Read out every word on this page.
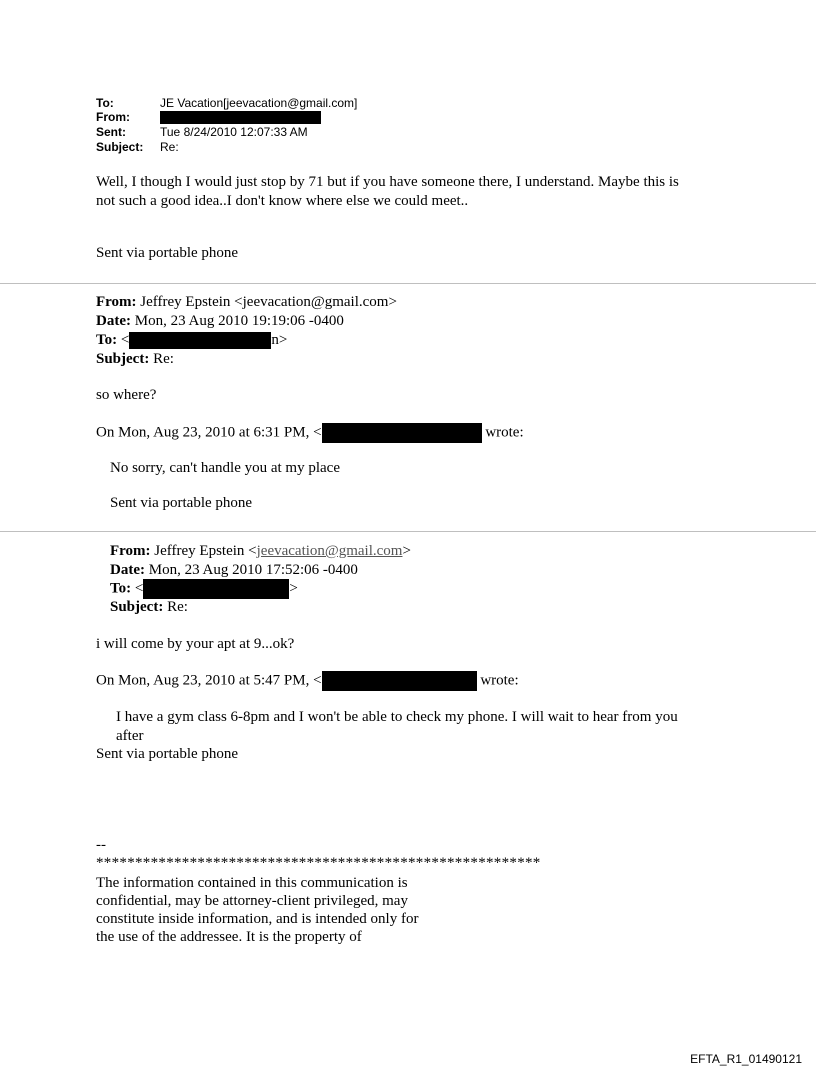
To:	JE Vacation[jeevacation@gmail.com]
From:
Sent:	Tue 8/24/2010 12:07:33 AM
Subject: Re:
Well, I though I would just stop by 71 but if you have someone there, I understand. Maybe this is
not such a good idea..I don't know where else we could meet..
Sent via portable phone
From: Jeffrey Epstein <jeevacation@gmail.com>
Date: Mon, 23 Aug 2010 19:19:06 -0400
To: <	n>
Subject: Re:
so where?
On Mon, Aug 23, 2010 at 6:31 PM, <	wrote:
No sorry, can't handle you at my place
Sent via portable phone
From: Jeffrey Epstein <jeevacation@gmail.com>
Date: Mon, 23 Aug 2010 17:52:06 -0400
To: <	>
Subject: Re:
i will come by your apt at 9...ok?
On Mon, Aug 23, 2010 at 5:47 PM, <	wrote:
I have a gym class 6-8pm and I won't be able to check my phone. I will wait to hear from you
after
Sent via portable phone
--
*********************************************************
The information contained in this communication is
confidential, may be attorney-client privileged, may
constitute inside information, and is intended only for
the use of the addressee. It is the property of
EFTA_R1_01490121
